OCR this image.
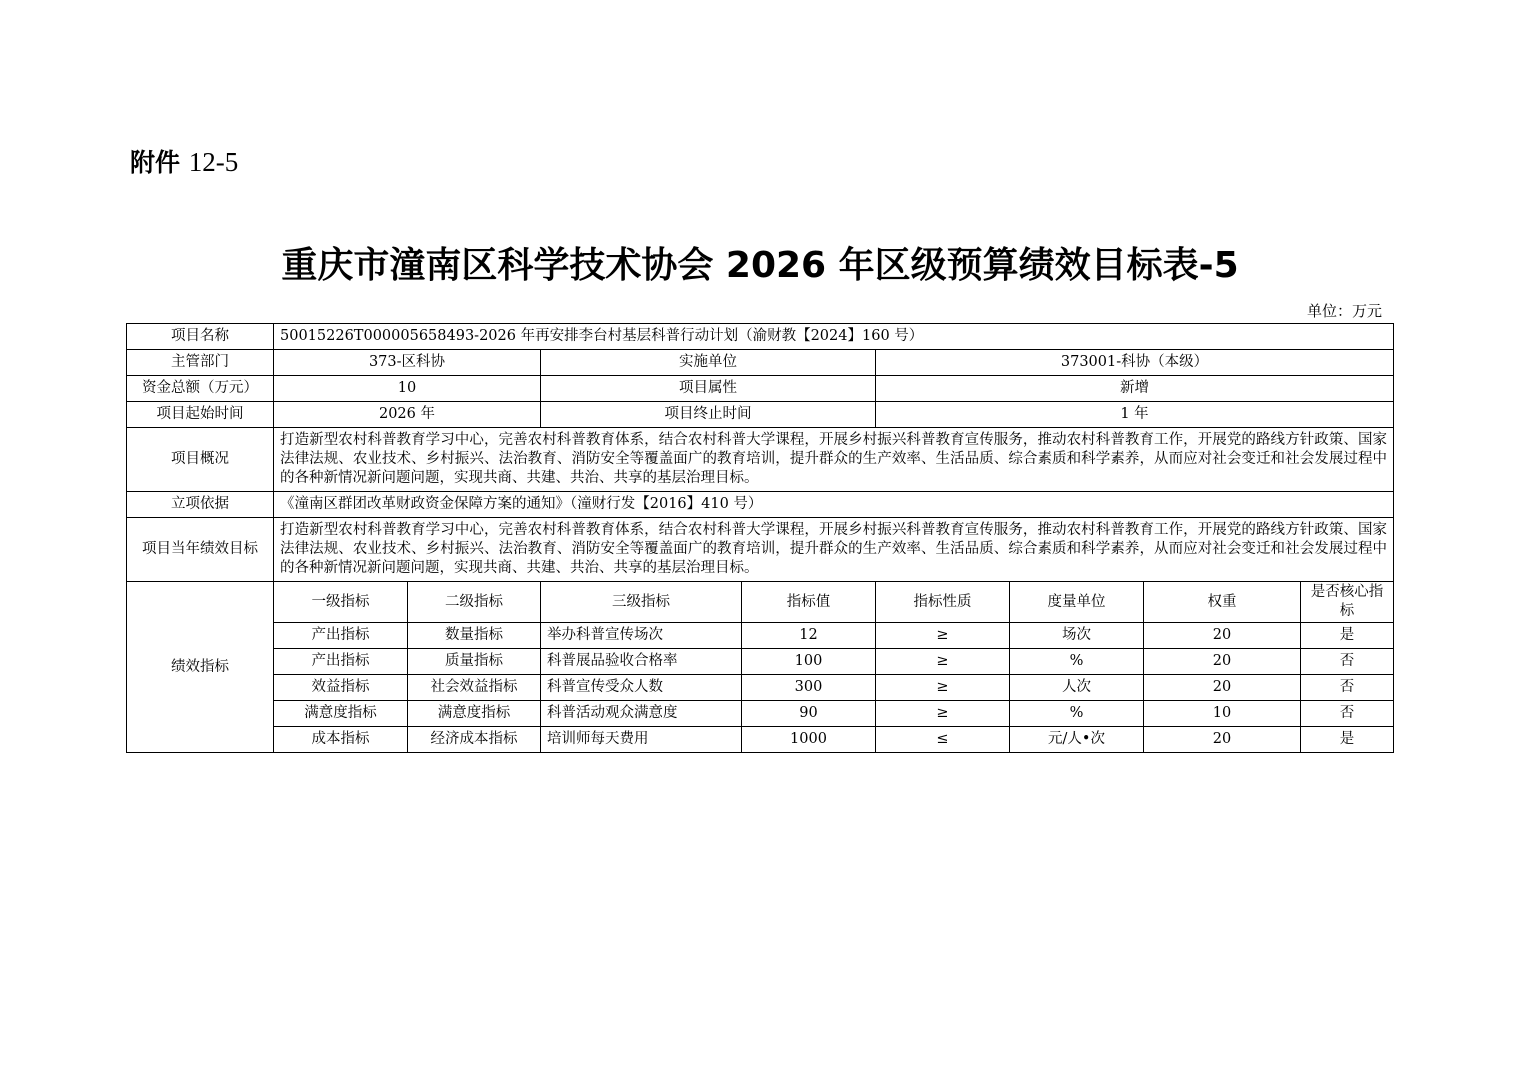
附件 12-5
重庆市潼南区科学技术协会 2026 年区级预算绩效目标表-5
单位：万元
项目名称	50015226T000005658493-2026 年再安排李台村基层科普行动计划（渝财教【2024】160 号）							
主管部门	373-区科协		实施单位		373001-科协（本级）			
资金总额（万元）	10		项目属性		新增			
项目起始时间	2026 年		项目终止时间		1 年			
项目概况	打造新型农村科普教育学习中心，完善农村科普教育体系，结合农村科普大学课程，开展乡村振兴科普教育宣传服务，推动农村科普教育工作，开展党的路线方针政策、国家法律法规、农业技术、乡村振兴、法治教育、消防安全等覆盖面广的教育培训，提升群众的生产效率、生活品质、综合素质和科学素养，从而应对社会变迁和社会发展过程中的各种新情况新问题问题，实现共商、共建、共治、共享的基层治理目标。							
立项依据	《潼南区群团改革财政资金保障方案的通知》（潼财行发【2016】410 号）							
项目当年绩效目标	打造新型农村科普教育学习中心，完善农村科普教育体系，结合农村科普大学课程，开展乡村振兴科普教育宣传服务，推动农村科普教育工作，开展党的路线方针政策、国家法律法规、农业技术、乡村振兴、法治教育、消防安全等覆盖面广的教育培训，提升群众的生产效率、生活品质、综合素质和科学素养，从而应对社会变迁和社会发展过程中的各种新情况新问题问题，实现共商、共建、共治、共享的基层治理目标。							
绩效指标	一级指标	二级指标	三级指标	指标值	指标性质	度量单位	权重	是否核心指标
	产出指标	数量指标	举办科普宣传场次	12	≥	场次	20	是
	产出指标	质量指标	科普展品验收合格率	100	≥	%	20	否
	效益指标	社会效益指标	科普宣传受众人数	300	≥	人次	20	否
	满意度指标	满意度指标	科普活动观众满意度	90	≥	%	10	否
	成本指标	经济成本指标	培训师每天费用	1000	≤	元/人•次	20	是
